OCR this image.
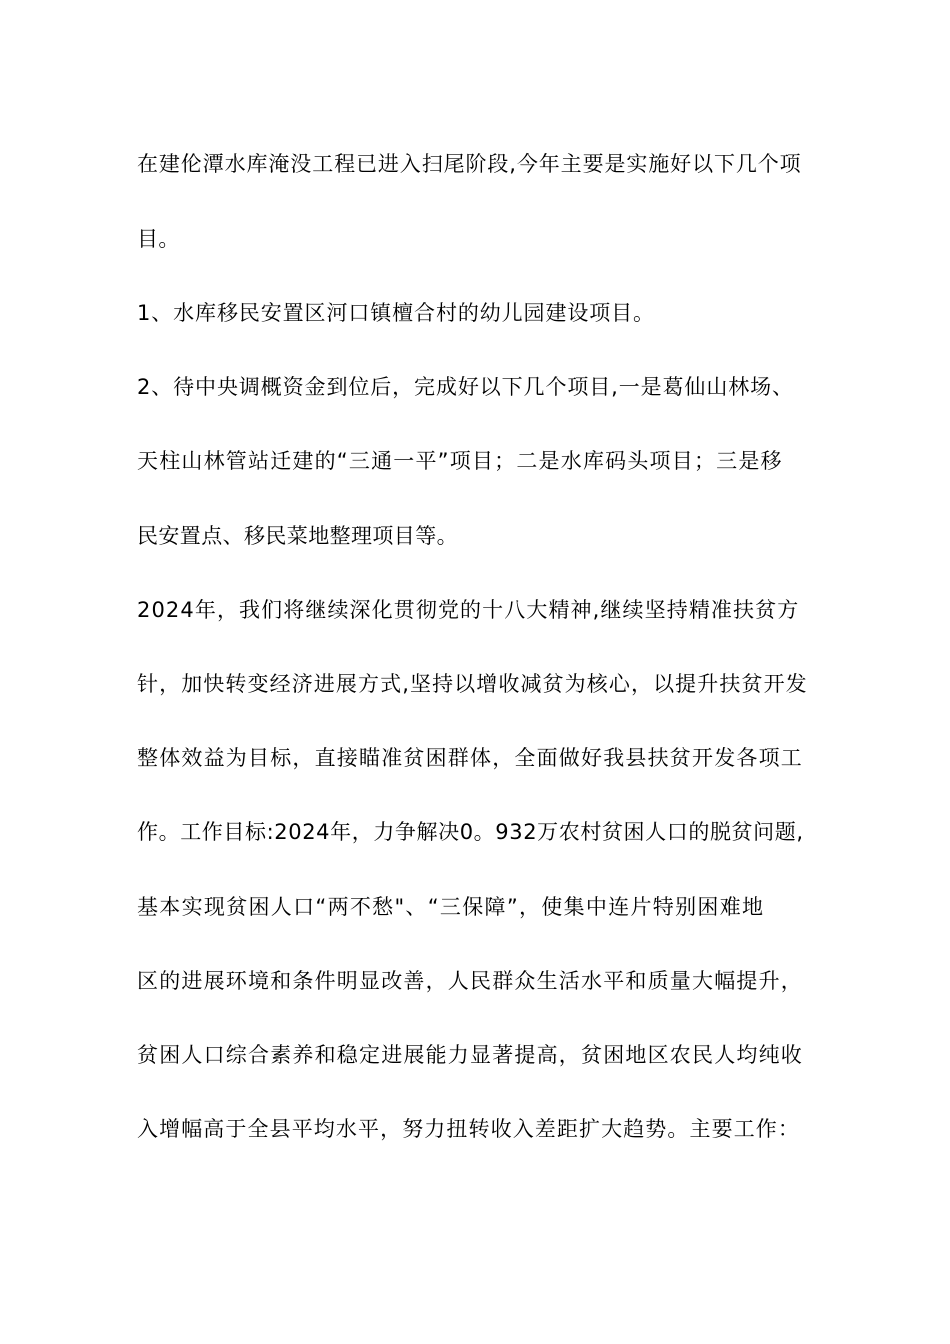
在建伦潭水库淹没工程已进入扫尾阶段,今年主要是实施好以下几个项
目。
1、水库移民安置区河口镇檀合村的幼儿园建设项目。
2、待中央调概资金到位后，完成好以下几个项目,一是葛仙山林场、
天柱山林管站迁建的“三通一平”项目；二是水库码头项目；三是移
民安置点、移民菜地整理项目等。
2024年，我们将继续深化贯彻党的十八大精神,继续坚持精准扶贫方
针，加快转变经济进展方式,坚持以增收减贫为核心，以提升扶贫开发
整体效益为目标，直接瞄准贫困群体，全面做好我县扶贫开发各项工
作。工作目标:2024年，力争解决0。932万农村贫困人口的脱贫问题,
基本实现贫困人口“两不愁"、“三保障”，使集中连片特别困难地
区的进展环境和条件明显改善，人民群众生活水平和质量大幅提升，
贫困人口综合素养和稳定进展能力显著提高，贫困地区农民人均纯收
入增幅高于全县平均水平，努力扭转收入差距扩大趋势。主要工作：
